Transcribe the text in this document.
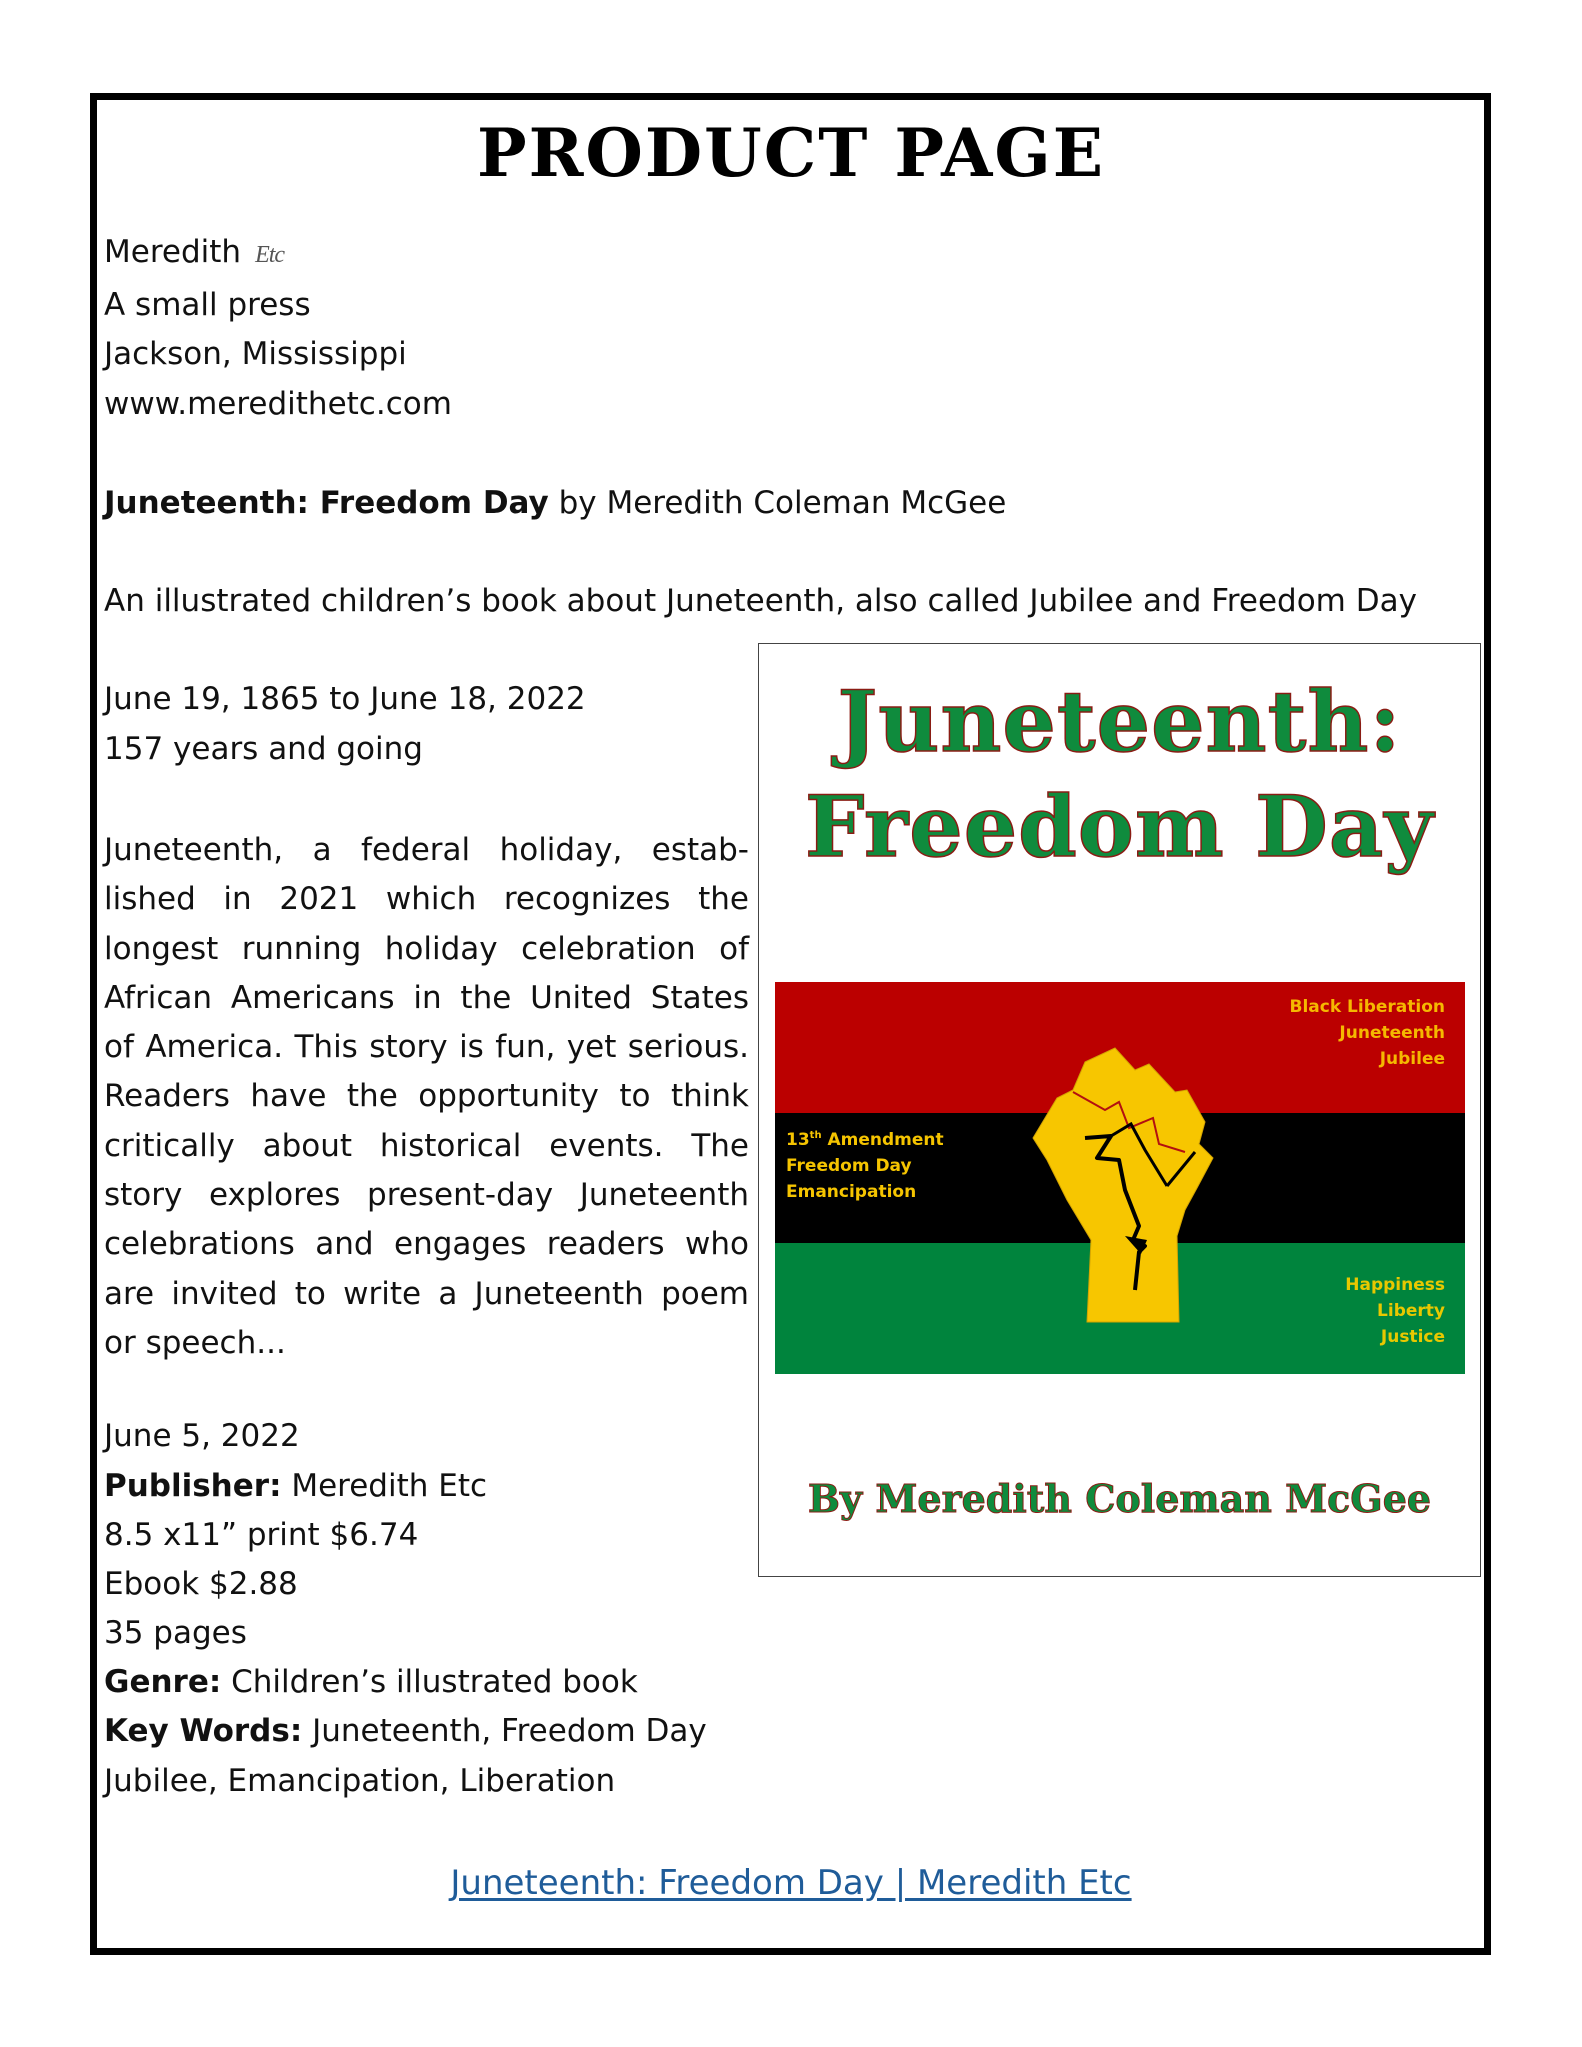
PRODUCT PAGE
Meredith Etc
A small press
Jackson, Mississippi
www.meredithetc.com
Juneteenth: Freedom Day by Meredith Coleman McGee
An illustrated children’s book about Juneteenth, also called Jubilee and Freedom Day
June 19, 1865 to June 18, 2022
157 years and going
Juneteenth, a federal holiday, estab-
lished in 2021 which recognizes the
longest running holiday celebration of
African Americans in the United States
of America. This story is fun, yet serious.
Readers have the opportunity to think
critically about historical events. The
story explores present-day Juneteenth
celebrations and engages readers who
are invited to write a Juneteenth poem
or speech...
June 5, 2022
Publisher: Meredith Etc
8.5 x11” print $6.74
Ebook $2.88
35 pages
Genre: Children’s illustrated book
Key Words: Juneteenth, Freedom Day
Jubilee, Emancipation, Liberation
Juneteenth:
Freedom Day
Black Liberation
Juneteenth
Jubilee
13th Amendment
Freedom Day
Emancipation
Happiness
Liberty
Justice
By Meredith Coleman McGee
Juneteenth: Freedom Day | Meredith Etc
